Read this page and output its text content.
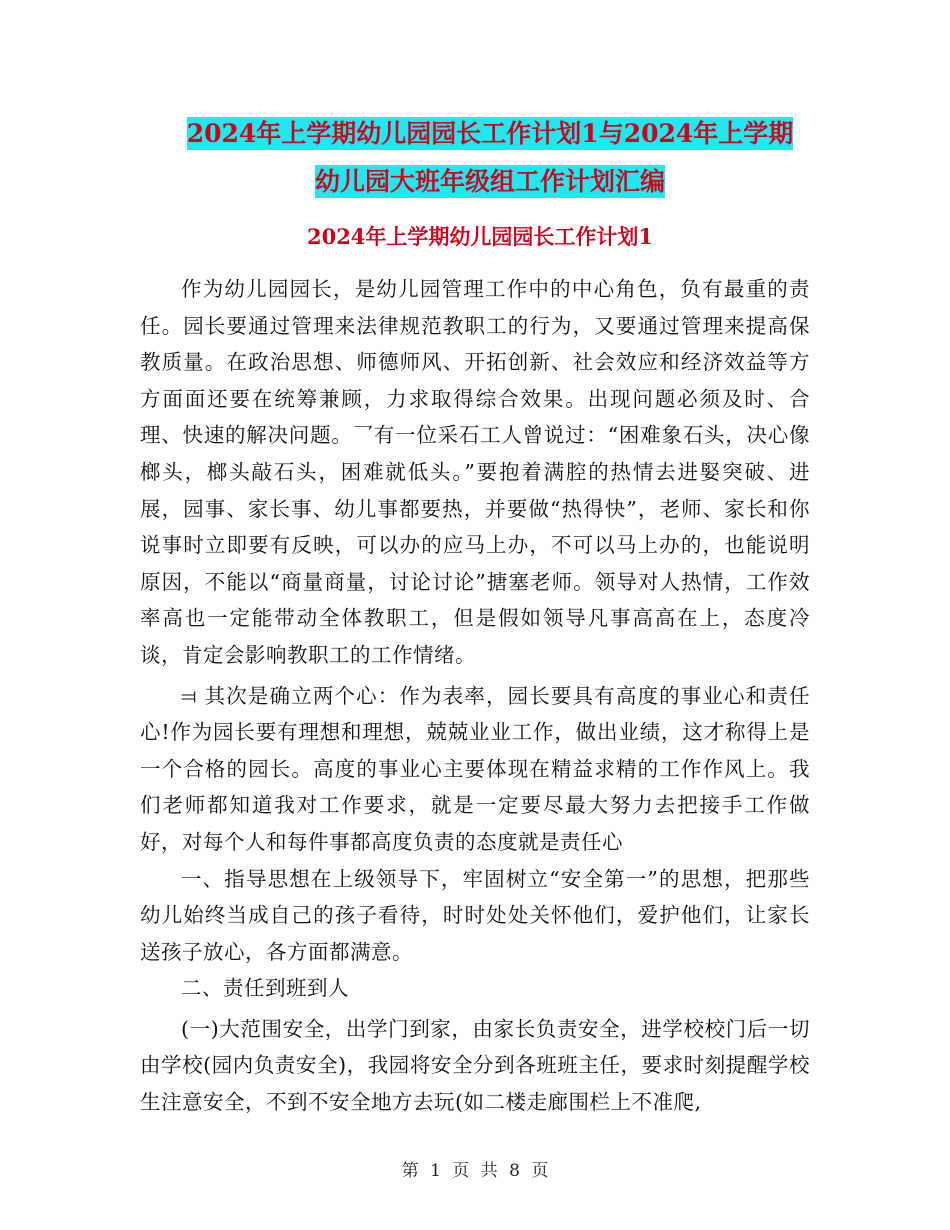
2024年上学期幼儿园园长工作计划1与2024年上学期
幼儿园大班年级组工作计划汇编
2024年上学期幼儿园园长工作计划1

作为幼儿园园长，是幼儿园管理工作中的中心角色，负有最重的责任。园长要通过管理来法律规范教职工的行为，又要通过管理来提高保教质量。在政治思想、师德师风、开拓创新、社会效应和经济效益等方方面面还要在统筹兼顾，力求取得综合效果。出现问题必须及时、合理、快速的解决问题。乛有一位采石工人曾说过：“困难象石头，决心像榔头，榔头敲石头，困难就低头。”要抱着满腔的热情去进婜突破、进展，园事、家长事、幼儿事都要热，并要做“热得快”，老师、家长和你说事时立即要有反映，可以办的应马上办，不可以马上办的，也能说明原因，不能以“商量商量，讨论讨论”搪塞老师。领导对人热情，工作效率高也一定能带动全体教职工，但是假如领导凡事高高在上，态度冷谈，肯定会影响教职工的工作情绪。

⫤ 其次是确立两个心：作为表率，园长要具有高度的事业心和责任心!作为园长要有理想和理想，兢兢业业工作，做出业绩，这才称得上是一个合格的园长。高度的事业心主要体现在精益求精的工作作风上。我们老师都知道我对工作要求，就是一定要尽最大努力去把接手工作做好，对每个人和每件事都高度负责的态度就是责任心

一、指导思想在上级领导下，牢固树立“安全第一”的思想，把那些幼儿始终当成自己的孩子看待，时时处处关怀他们，爱护他们，让家长送孩子放心，各方面都满意。

二、责任到班到人

(一)大范围安全，出学门到家，由家长负责安全，进学校校门后一切由学校(园内负责安全)，我园将安全分到各班班主任，要求时刻提醒学校生注意安全，不到不安全地方去玩(如二楼走廊围栏上不准爬,

第 1 页 共 8 页
